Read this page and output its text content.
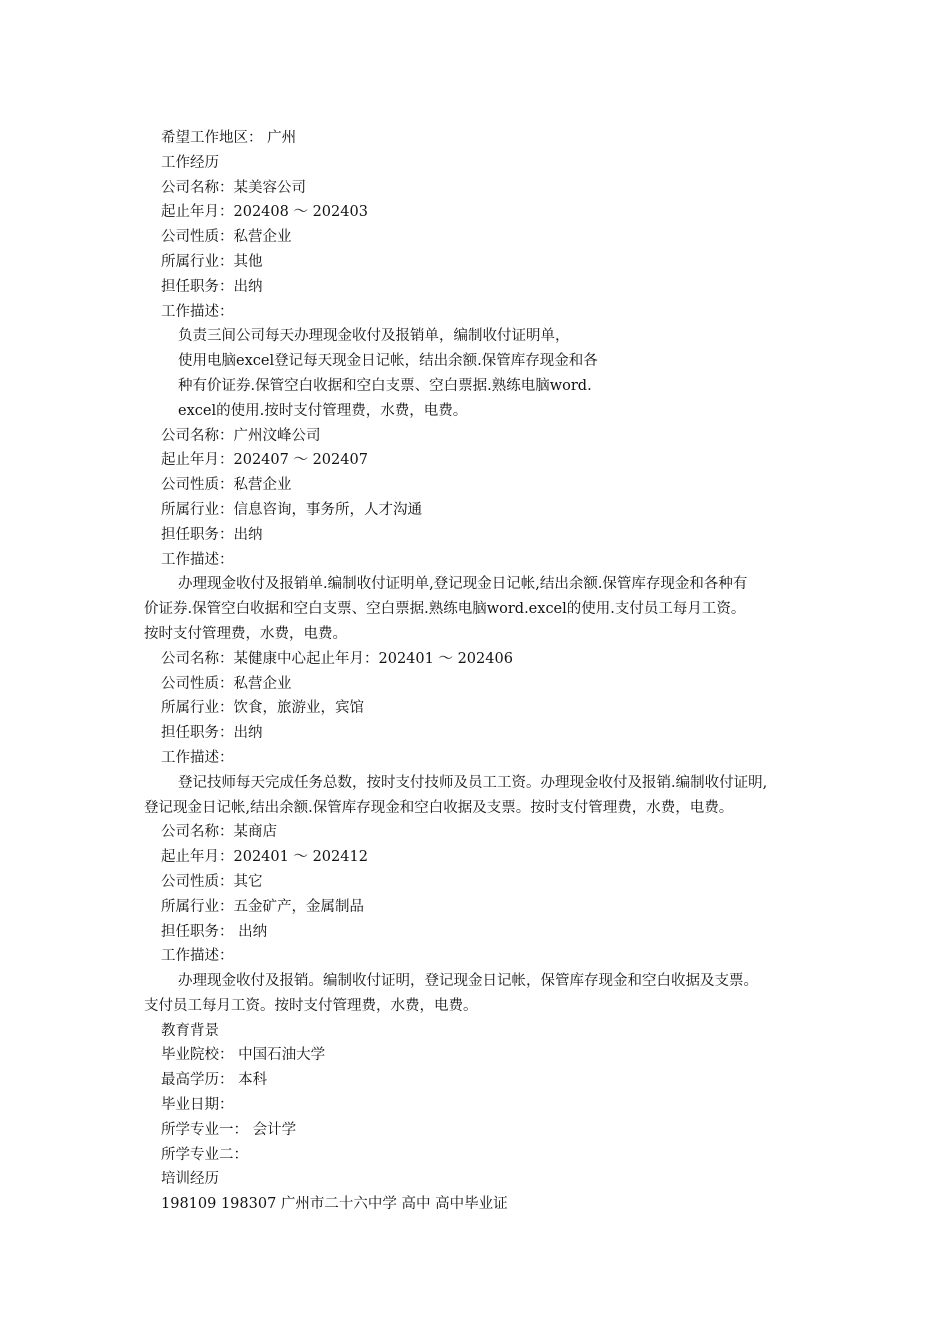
希望工作地区： 广州
工作经历
公司名称：某美容公司
起止年月：202408 ～ 202403
公司性质：私营企业
所属行业：其他
担任职务：出纳
工作描述：
负责三间公司每天办理现金收付及报销单，编制收付证明单，
使用电脑excel登记每天现金日记帐，结出余额.保管库存现金和各
种有价证券.保管空白收据和空白支票、空白票据.熟练电脑word.
excel的使用.按时支付管理费，水费，电费。
公司名称：广州汶峰公司
起止年月：202407 ～ 202407
公司性质：私营企业
所属行业：信息咨询，事务所，人才沟通
担任职务：出纳
工作描述：
办理现金收付及报销单.编制收付证明单,登记现金日记帐,结出余额.保管库存现金和各种有
价证券.保管空白收据和空白支票、空白票据.熟练电脑word.excel的使用.支付员工每月工资。
按时支付管理费，水费，电费。
公司名称：某健康中心起止年月：202401 ～ 202406
公司性质：私营企业
所属行业：饮食，旅游业，宾馆
担任职务：出纳
工作描述：
登记技师每天完成任务总数，按时支付技师及员工工资。办理现金收付及报销.编制收付证明,
登记现金日记帐,结出余额.保管库存现金和空白收据及支票。按时支付管理费，水费，电费。
公司名称：某商店
起止年月：202401 ～ 202412
公司性质：其它
所属行业：五金矿产，金属制品
担任职务： 出纳
工作描述：
办理现金收付及报销。编制收付证明，登记现金日记帐，保管库存现金和空白收据及支票。
支付员工每月工资。按时支付管理费，水费，电费。
教育背景
毕业院校： 中国石油大学
最高学历： 本科
毕业日期：
所学专业一： 会计学
所学专业二：
培训经历
198109 198307 广州市二十六中学 高中 高中毕业证
